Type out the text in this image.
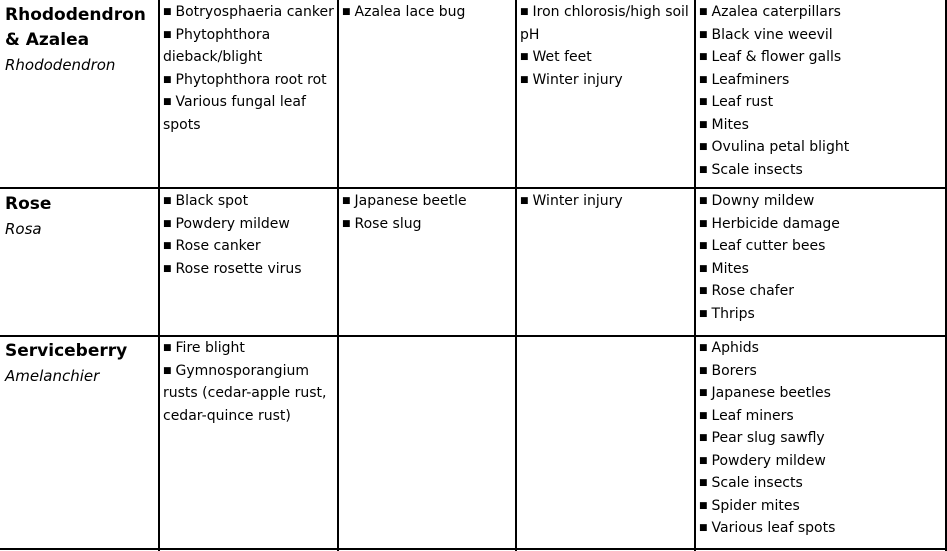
Rhododendron
& Azalea
Rhododendron
■ Botryosphaeria canker
■ Phytophthora
dieback/blight
■ Phytophthora root rot
■ Various fungal leaf
spots
■ Azalea lace bug	■ Iron chlorosis/high soil
pH
■ Wet feet
■ Winter injury
■ Azalea caterpillars
■ Black vine weevil
■ Leaf & flower galls
■ Leafminers
■ Leaf rust
■ Mites
■ Ovulina petal blight
■ Scale insects
Rose
Rosa
■ Black spot
■ Powdery mildew
■ Rose canker
■ Rose rosette virus
■ Japanese beetle
■ Rose slug
■ Winter injury	■ Downy mildew
■ Herbicide damage
■ Leaf cutter bees
■ Mites
■ Rose chafer
■ Thrips
Serviceberry
Amelanchier
■ Fire blight
■ Gymnosporangium
rusts (cedar-apple rust,
cedar-quince rust)
■ Aphids
■ Borers
■ Japanese beetles
■ Leaf miners
■ Pear slug sawfly
■ Powdery mildew
■ Scale insects
■ Spider mites
■ Various leaf spots
